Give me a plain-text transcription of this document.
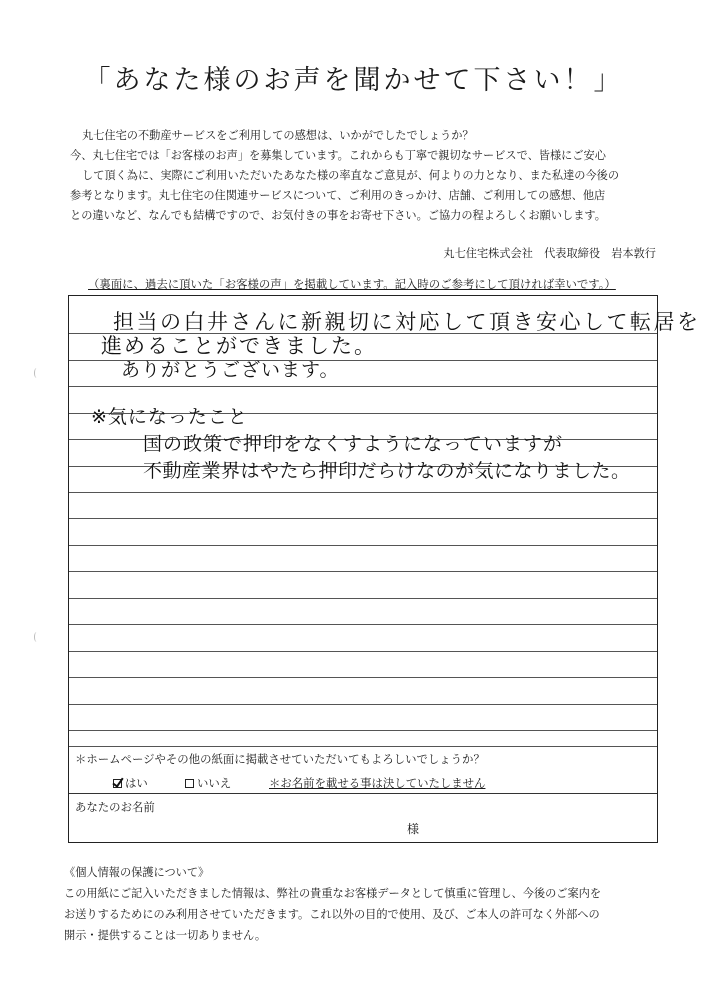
「あなた様のお声を聞かせて下さい！」
丸七住宅の不動産サービスをご利用しての感想は、いかがでしたでしょうか？
今、丸七住宅では「お客様のお声」を募集しています。これからも丁寧で親切なサービスで、皆様にご安心
して頂く為に、実際にご利用いただいたあなた様の率直なご意見が、何よりの力となり、また私達の今後の
参考となります。丸七住宅の住関連サービスについて、ご利用のきっかけ、店舗、ご利用しての感想、他店
との違いなど、なんでも結構ですので、お気付きの事をお寄せ下さい。ご協力の程よろしくお願いします。
丸七住宅株式会社　代表取締役　岩本敦行
（裏面に、過去に頂いた「お客様の声」を掲載しています。記入時のご参考にして頂ければ幸いです。）
担当の白井さんに新親切に対応して頂き安心して転居を
進めることができました。
ありがとうございます。
※気になったこと
国の政策で押印をなくすようになっていますが
不動産業界はやたら押印だらけなのが気になりました。
＊ホームページやその他の紙面に掲載させていただいてもよろしいでしょうか？
はい	いいえ	＊お名前を載せる事は決していたしません
あなたのお名前
様
《個人情報の保護について》
この用紙にご記入いただきました情報は、弊社の貴重なお客様データとして慎重に管理し、今後のご案内を
お送りするためにのみ利用させていただきます。これ以外の目的で使用、及び、ご本人の許可なく外部への
開示・提供することは一切ありません。
